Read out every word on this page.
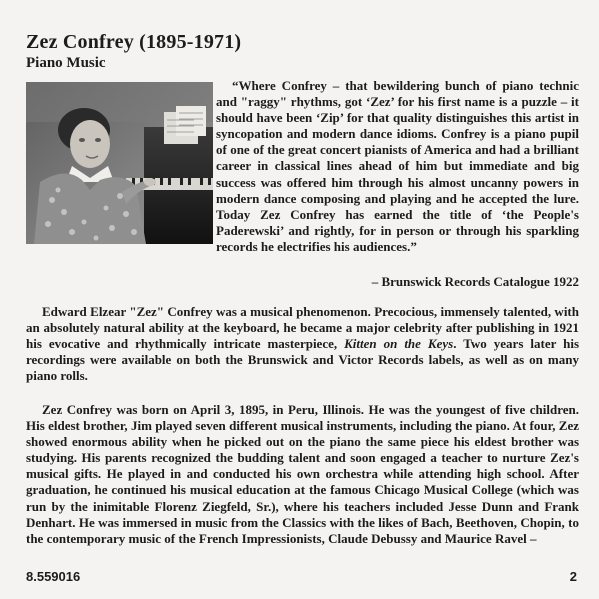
Zez Confrey (1895-1971)
Piano Music

“Where Confrey – that bewildering bunch of piano technic and "raggy" rhythms, got ‘Zez’ for his first name is a puzzle – it should have been ‘Zip’ for that quality distinguishes this artist in syncopation and modern dance idioms. Confrey is a piano pupil of one of the great concert pianists of America and had a brilliant career in classical lines ahead of him but immediate and big success was offered him through his almost uncanny powers in modern dance composing and playing and he accepted the lure. Today Zez Confrey has earned the title of ‘the People's Paderewski’ and rightly, for in person or through his sparkling records he electrifies his audiences.”

– Brunswick Records Catalogue 1922

Edward Elzear "Zez" Confrey was a musical phenomenon. Precocious, immensely talented, with an absolutely natural ability at the keyboard, he became a major celebrity after publishing in 1921 his evocative and rhythmically intricate masterpiece, Kitten on the Keys. Two years later his recordings were available on both the Brunswick and Victor Records labels, as well as on many piano rolls.

Zez Confrey was born on April 3, 1895, in Peru, Illinois. He was the youngest of five children. His eldest brother, Jim played seven different musical instruments, including the piano. At four, Zez showed enormous ability when he picked out on the piano the same piece his eldest brother was studying. His parents recognized the budding talent and soon engaged a teacher to nurture Zez's musical gifts. He played in and conducted his own orchestra while attending high school. After graduation, he continued his musical education at the famous Chicago Musical College (which was run by the inimitable Florenz Ziegfeld, Sr.), where his teachers included Jesse Dunn and Frank Denhart. He was immersed in music from the Classics with the likes of Bach, Beethoven, Chopin, to the contemporary music of the French Impressionists, Claude Debussy and Maurice Ravel –

8.559016	2
